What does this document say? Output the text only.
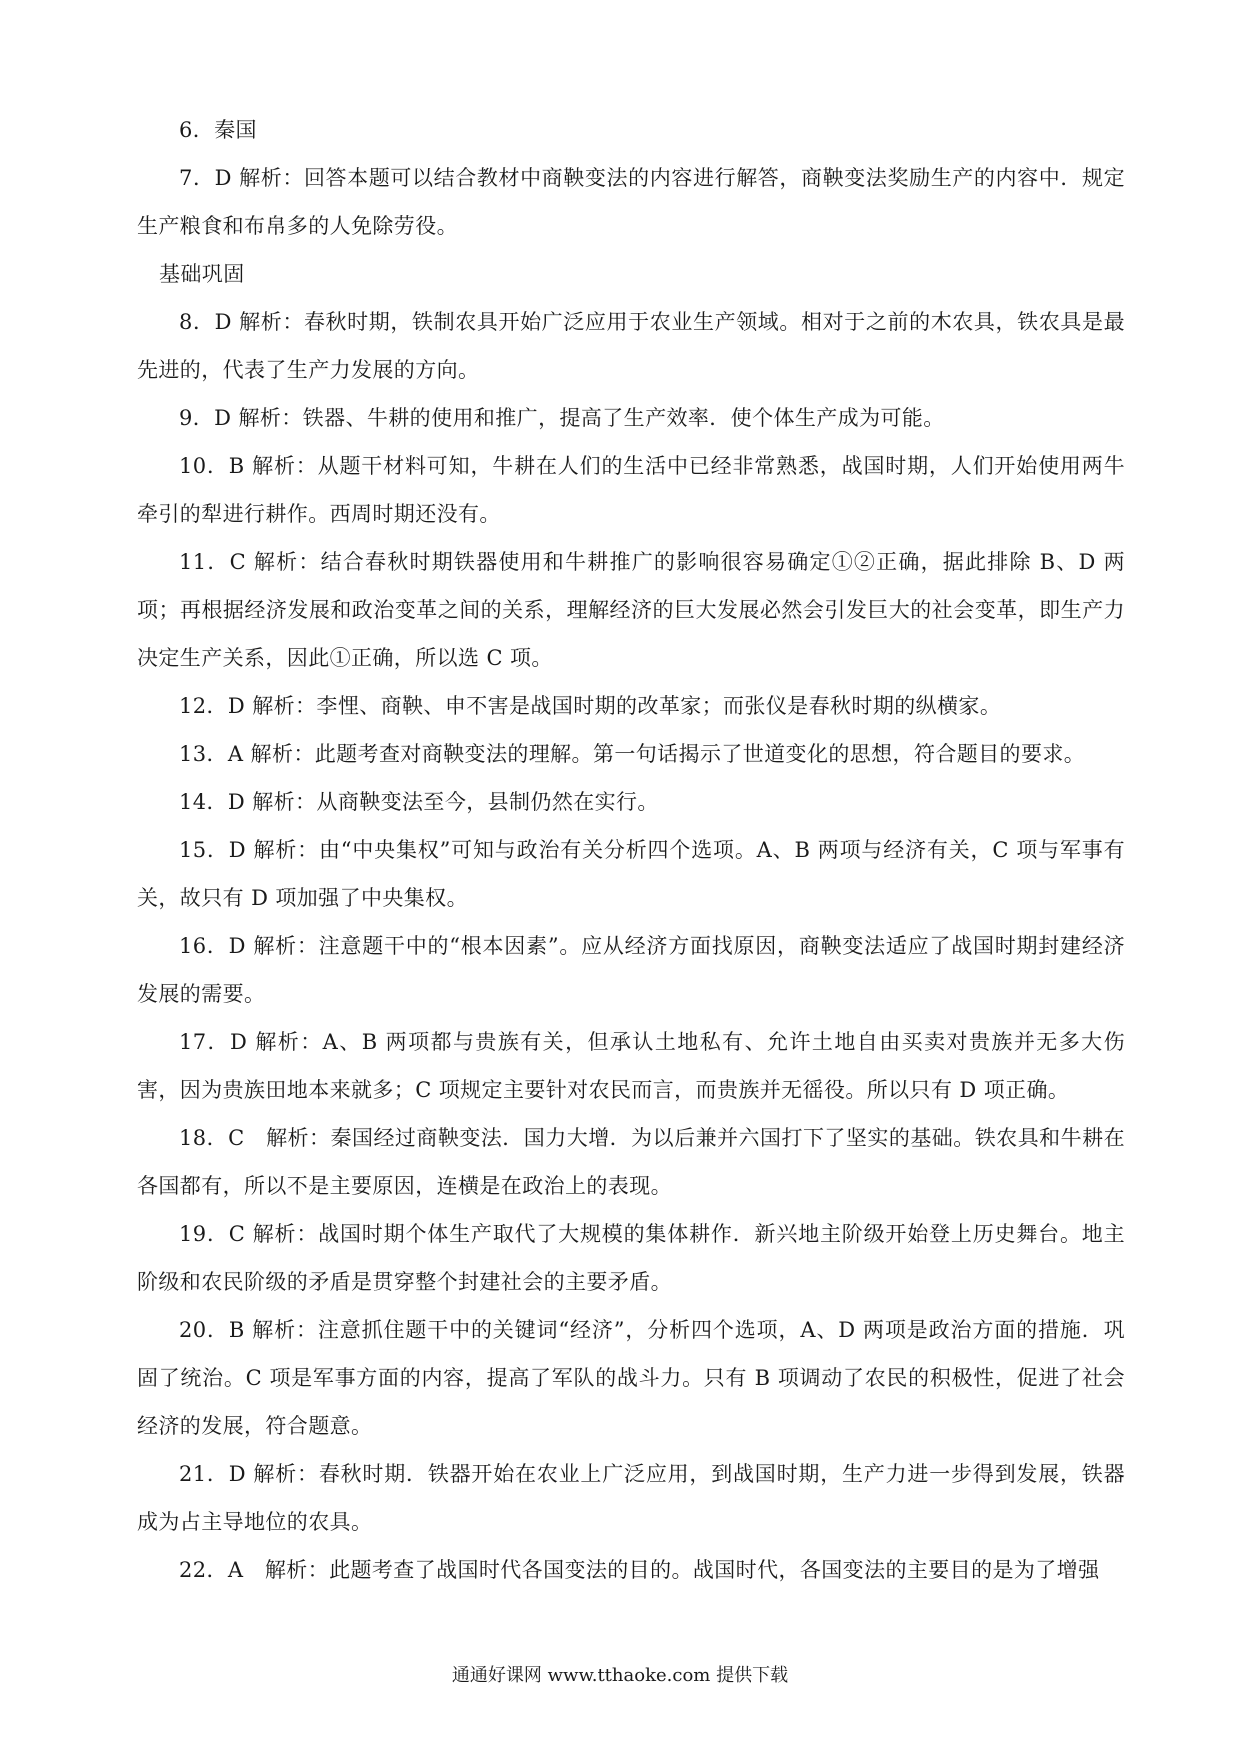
6．秦国

7．D 解析：回答本题可以结合教材中商鞅变法的内容进行解答，商鞅变法奖励生产的内容中．规定生产粮食和布帛多的人免除劳役。

基础巩固

8．D 解析：春秋时期，铁制农具开始广泛应用于农业生产领域。相对于之前的木农具，铁农具是最先进的，代表了生产力发展的方向。

9．D 解析：铁器、牛耕的使用和推广，提高了生产效率．使个体生产成为可能。

10．B 解析：从题干材料可知，牛耕在人们的生活中已经非常熟悉，战国时期，人们开始使用两牛牵引的犁进行耕作。西周时期还没有。

11．C 解析：结合春秋时期铁器使用和牛耕推广的影响很容易确定①②正确，据此排除 B、D 两项；再根据经济发展和政治变革之间的关系，理解经济的巨大发展必然会引发巨大的社会变革，即生产力决定生产关系，因此①正确，所以选 C 项。

12．D 解析：李悝、商鞅、申不害是战国时期的改革家；而张仪是春秋时期的纵横家。

13．A 解析：此题考查对商鞅变法的理解。第一句话揭示了世道变化的思想，符合题目的要求。

14．D 解析：从商鞅变法至今，县制仍然在实行。

15．D 解析：由“中央集权”可知与政治有关分析四个选项。A、B 两项与经济有关，C 项与军事有关，故只有 D 项加强了中央集权。

16．D 解析：注意题干中的“根本因素”。应从经济方面找原因，商鞅变法适应了战国时期封建经济发展的需要。

17．D 解析：A、B 两项都与贵族有关，但承认土地私有、允许土地自由买卖对贵族并无多大伤害，因为贵族田地本来就多；C 项规定主要针对农民而言，而贵族并无徭役。所以只有 D 项正确。

18．C　解析：秦国经过商鞅变法．国力大增．为以后兼并六国打下了坚实的基础。铁农具和牛耕在各国都有，所以不是主要原因，连横是在政治上的表现。

19．C 解析：战国时期个体生产取代了大规模的集体耕作．新兴地主阶级开始登上历史舞台。地主阶级和农民阶级的矛盾是贯穿整个封建社会的主要矛盾。

20．B 解析：注意抓住题干中的关键词“经济”，分析四个选项，A、D 两项是政治方面的措施．巩固了统治。C 项是军事方面的内容，提高了军队的战斗力。只有 B 项调动了农民的积极性，促进了社会经济的发展，符合题意。

21．D 解析：春秋时期．铁器开始在农业上广泛应用，到战国时期，生产力进一步得到发展，铁器成为占主导地位的农具。

22．A　解析：此题考查了战国时代各国变法的目的。战国时代，各国变法的主要目的是为了增强

通通好课网 www.tthaoke.com 提供下载
